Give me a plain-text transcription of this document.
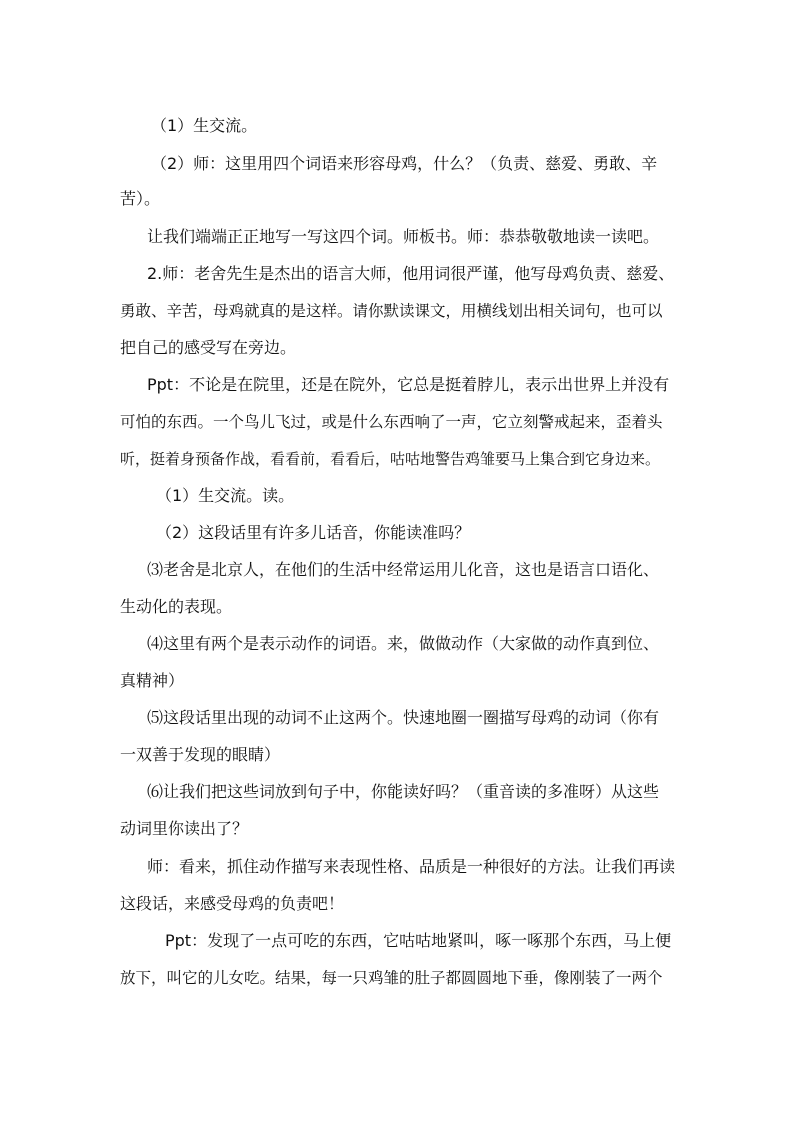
（1）生交流。
（2）师：这里用四个词语来形容母鸡，什么？（负责、慈爱、勇敢、辛
苦）。
让我们端端正正地写一写这四个词。师板书。师：恭恭敬敬地读一读吧。
2.师：老舍先生是杰出的语言大师，他用词很严谨，他写母鸡负责、慈爱、
勇敢、辛苦，母鸡就真的是这样。请你默读课文，用横线划出相关词句，也可以
把自己的感受写在旁边。
Ppt：不论是在院里，还是在院外，它总是挺着脖儿，表示出世界上并没有
可怕的东西。一个鸟儿飞过，或是什么东西响了一声，它立刻警戒起来，歪着头
听，挺着身预备作战，看看前，看看后，咕咕地警告鸡雏要马上集合到它身边来。
（1）生交流。读。
（2）这段话里有许多儿话音，你能读准吗？
⑶老舍是北京人，在他们的生活中经常运用儿化音，这也是语言口语化、
生动化的表现。
⑷这里有两个是表示动作的词语。来，做做动作（大家做的动作真到位、
真精神）
⑸这段话里出现的动词不止这两个。快速地圈一圈描写母鸡的动词（你有
一双善于发现的眼睛）
⑹让我们把这些词放到句子中，你能读好吗？（重音读的多准呀）从这些
动词里你读出了？
师：看来，抓住动作描写来表现性格、品质是一种很好的方法。让我们再读
这段话，来感受母鸡的负责吧！
Ppt：发现了一点可吃的东西，它咕咕地紧叫，啄一啄那个东西，马上便
放下，叫它的儿女吃。结果，每一只鸡雏的肚子都圆圆地下垂，像刚装了一两个
